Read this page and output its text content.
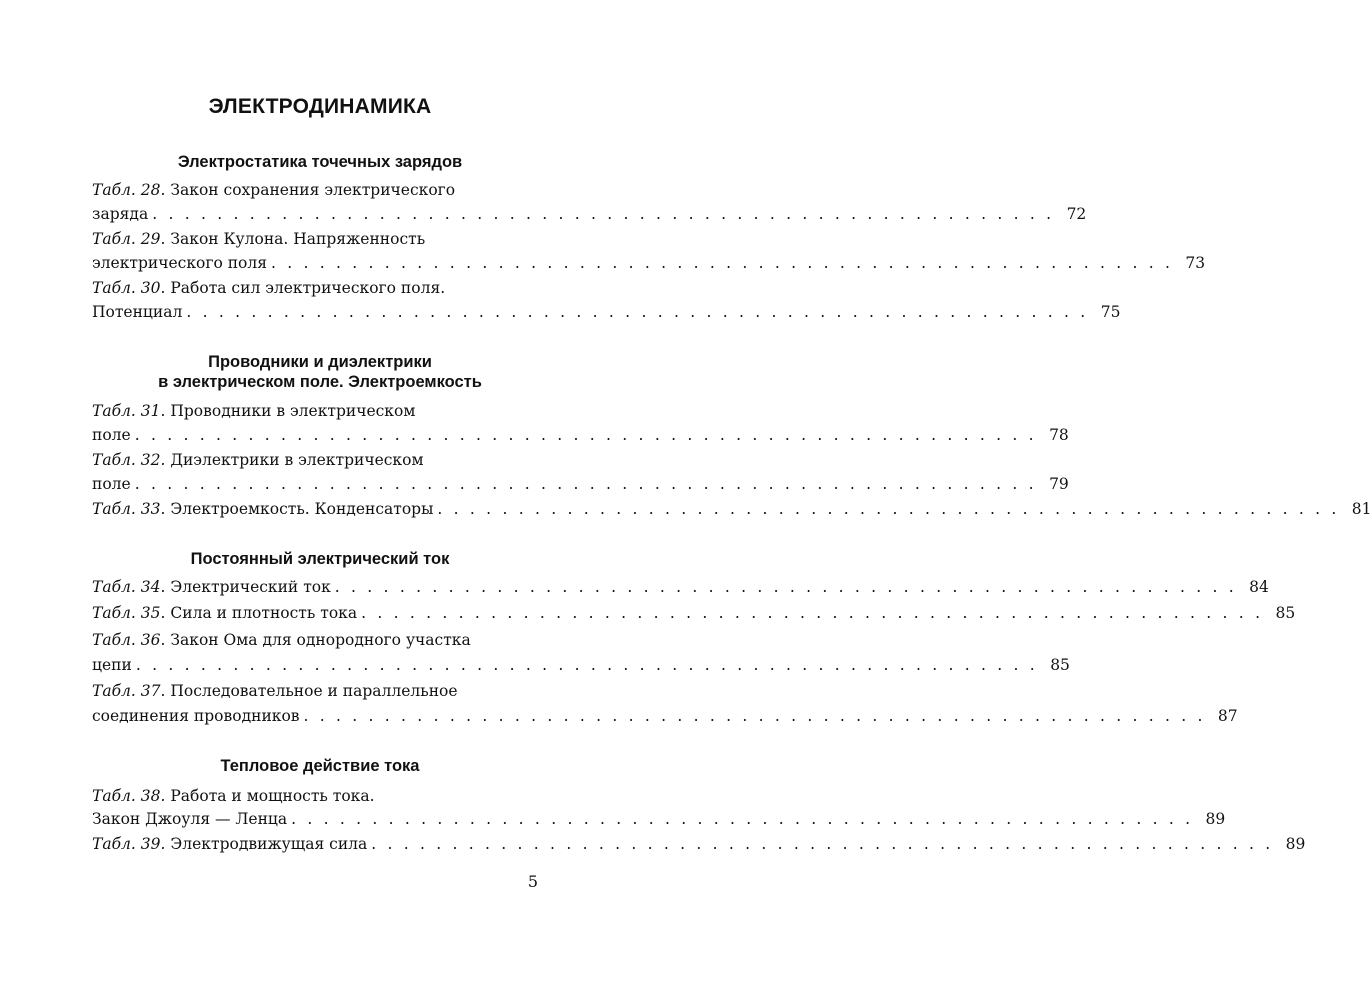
ЭЛЕКТРОДИНАМИКА
Электростатика точечных зарядов
Табл. 28. Закон сохранения электрического
заряда . . . . . . . . . . . . . . . . . . . . . . . . . . . . . . . . . . . . . . . . . . . . . . . . . . . . . . . . 72
Табл. 29. Закон Кулона. Напряженность
электрического поля . . . . . . . . . . . . . . . . . . . . . . . . . . . . . . . . . . . . . . . . . . . . . . . . . . . . . . . . 73
Табл. 30. Работа сил электрического поля.
Потенциал . . . . . . . . . . . . . . . . . . . . . . . . . . . . . . . . . . . . . . . . . . . . . . . . . . . . . . . . 75
Проводники и диэлектрики
в электрическом поле. Электроемкость
Табл. 31. Проводники в электрическом
поле . . . . . . . . . . . . . . . . . . . . . . . . . . . . . . . . . . . . . . . . . . . . . . . . . . . . . . . . 78
Табл. 32. Диэлектрики в электрическом
поле . . . . . . . . . . . . . . . . . . . . . . . . . . . . . . . . . . . . . . . . . . . . . . . . . . . . . . . . 79
Табл. 33. Электроемкость. Конденсаторы . . . . . . . . . . . . . . . . . . . . . . . . . . . . . . . . . . . . . . . . . . . . . . . . . . . . . . . . 81
Постоянный электрический ток
Табл. 34. Электрический ток . . . . . . . . . . . . . . . . . . . . . . . . . . . . . . . . . . . . . . . . . . . . . . . . . . . . . . . . 84
Табл. 35. Сила и плотность тока . . . . . . . . . . . . . . . . . . . . . . . . . . . . . . . . . . . . . . . . . . . . . . . . . . . . . . . . 85
Табл. 36. Закон Ома для однородного участка
цепи . . . . . . . . . . . . . . . . . . . . . . . . . . . . . . . . . . . . . . . . . . . . . . . . . . . . . . . . 85
Табл. 37. Последовательное и параллельное
соединения проводников . . . . . . . . . . . . . . . . . . . . . . . . . . . . . . . . . . . . . . . . . . . . . . . . . . . . . . . . 87
Тепловое действие тока
Табл. 38. Работа и мощность тока.
Закон Джоуля — Ленца . . . . . . . . . . . . . . . . . . . . . . . . . . . . . . . . . . . . . . . . . . . . . . . . . . . . . . . . 89
Табл. 39. Электродвижущая сила . . . . . . . . . . . . . . . . . . . . . . . . . . . . . . . . . . . . . . . . . . . . . . . . . . . . . . . . 89
5
